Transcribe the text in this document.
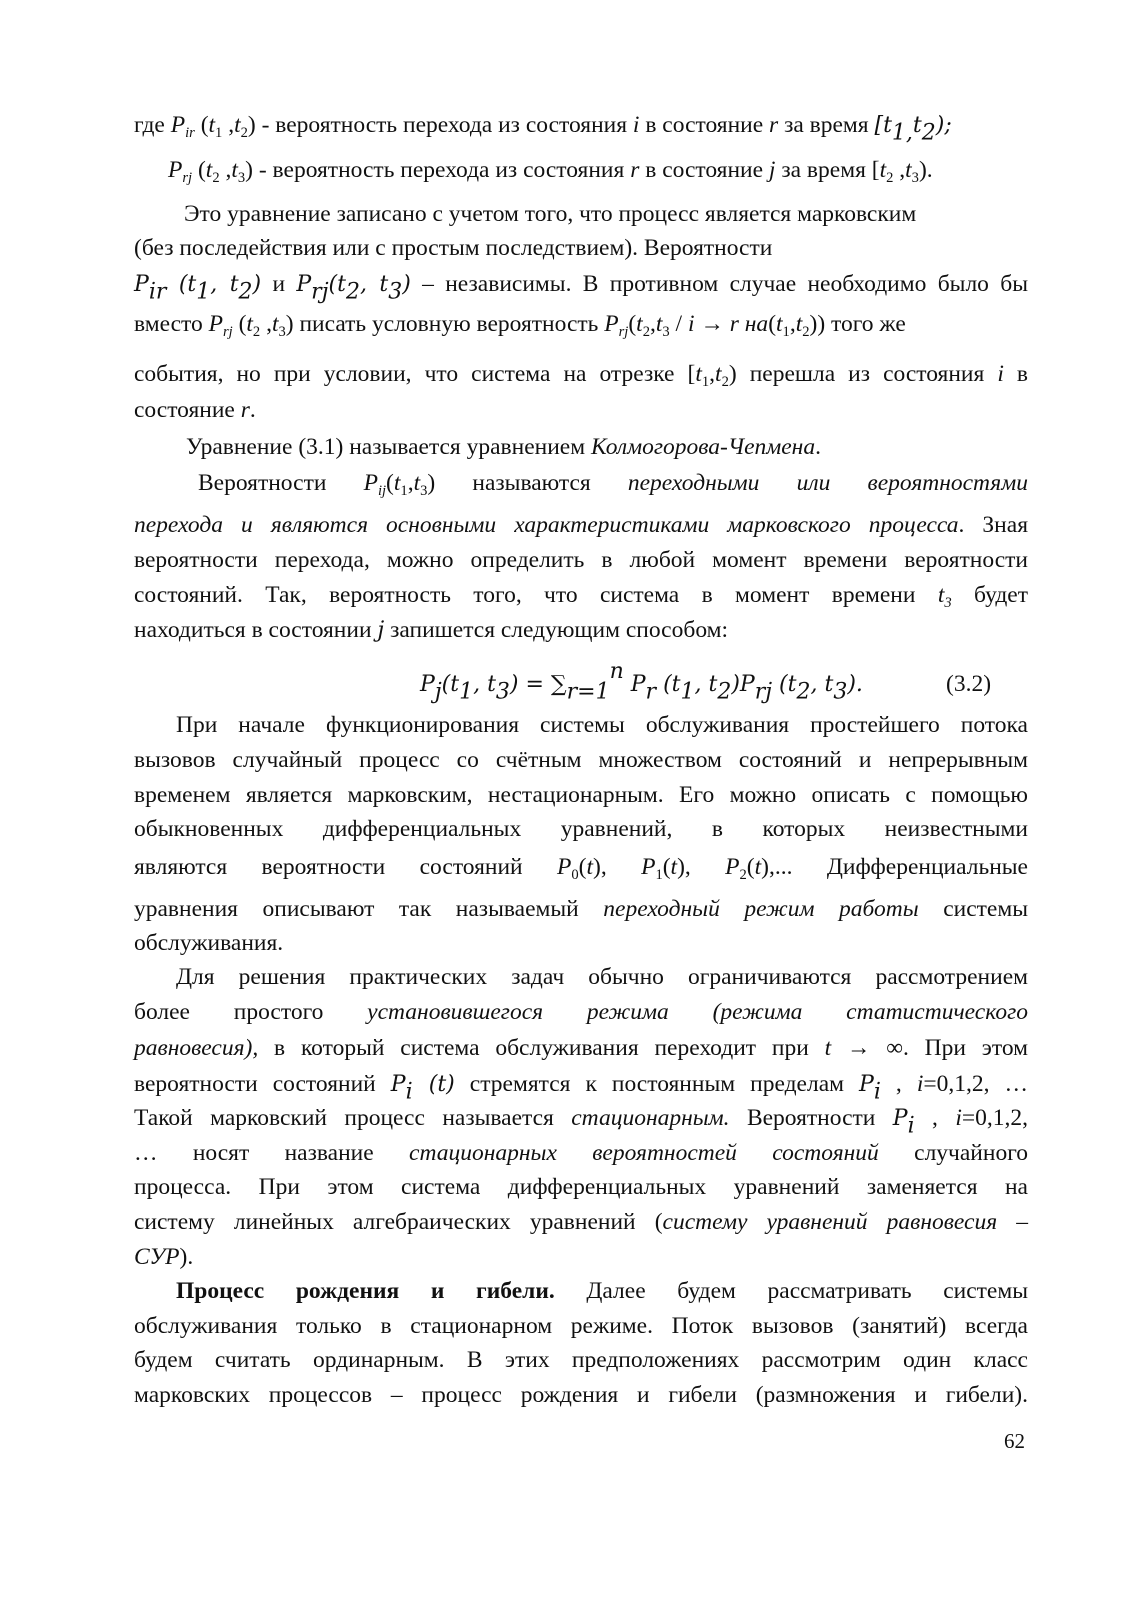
где $P_{ir}$ ($t_1$ $,t_2$) - вероятность перехода из состояния i в состояние r за время $[t_{1,}t_2)$;
$P_{rj}$ ($t_2$ $,t_3$) - вероятность перехода из состояния r в состояние j за время [$t_2$ $,t_3$).
Это уравнение записано с учетом того, что процесс является марковским
(без последействия или с простым последствием). Вероятности
$P_{ir}$ ($t_1$, $t_2$) и $P_{rj}(t_2$, $t_3$) – независимы. В противном случае необходимо было бы
вместо $P_{rj}$ ($t_2$ $,t_3$) писать условную вероятность $P_{rj}(t_2,t_3 / i \to r$ $на(t_1,t_2)$) того же
события, но при условии, что система на отрезке $[t_1,t_2)$ перешла из состояния i в
состояние r.
Уравнение (3.1) называется уравнением Колмогорова-Чепмена.
Вероятности $P_{ij}(t_1,t_3)$ называются переходными или вероятностями
перехода и являются основными характеристиками марковского процесса. Зная
вероятности перехода, можно определить в любой момент времени вероятности
состояний. Так, вероятность того, что система в момент времени $t_3$ будет
находиться в состоянии j запишется следующим способом:
При начале функционирования системы обслуживания простейшего потока
вызовов случайный процесс со счётным множеством состояний и непрерывным
временем является марковским, нестационарным. Его можно описать с помощью
обыкновенных дифференциальных уравнений, в которых неизвестными
являются вероятности состояний $P_0(t)$, $P_1(t)$, $P_2(t)$,... Дифференциальные
уравнения описывают так называемый переходный режим работы системы
обслуживания.
Для решения практических задач обычно ограничиваются рассмотрением
более простого установившегося режима (режима статистического
равновесия), в который система обслуживания переходит при t → ∞. При этом
вероятности состояний $P_i$ (t) стремятся к постоянным пределам $P_i$ , i=0,1,2, …
Такой марковский процесс называется стационарным. Вероятности $P_i$ , i=0,1,2,
… носят название стационарных вероятностей состояний случайного
процесса. При этом система дифференциальных уравнений заменяется на
систему линейных алгебраических уравнений (систему уравнений равновесия –
СУР).
Процесс рождения и гибели. Далее будем рассматривать системы
обслуживания только в стационарном режиме. Поток вызовов (занятий) всегда
будем считать ординарным. В этих предположениях рассмотрим один класс
марковских процессов – процесс рождения и гибели (размножения и гибели).
$P_j(t_1$, $t_3) = \sum_{r=1}^n$ $P_r$ ($t_1$, $t_2)P_{rj}$ ($t_2$, $t_3$).	(3.2)
62
